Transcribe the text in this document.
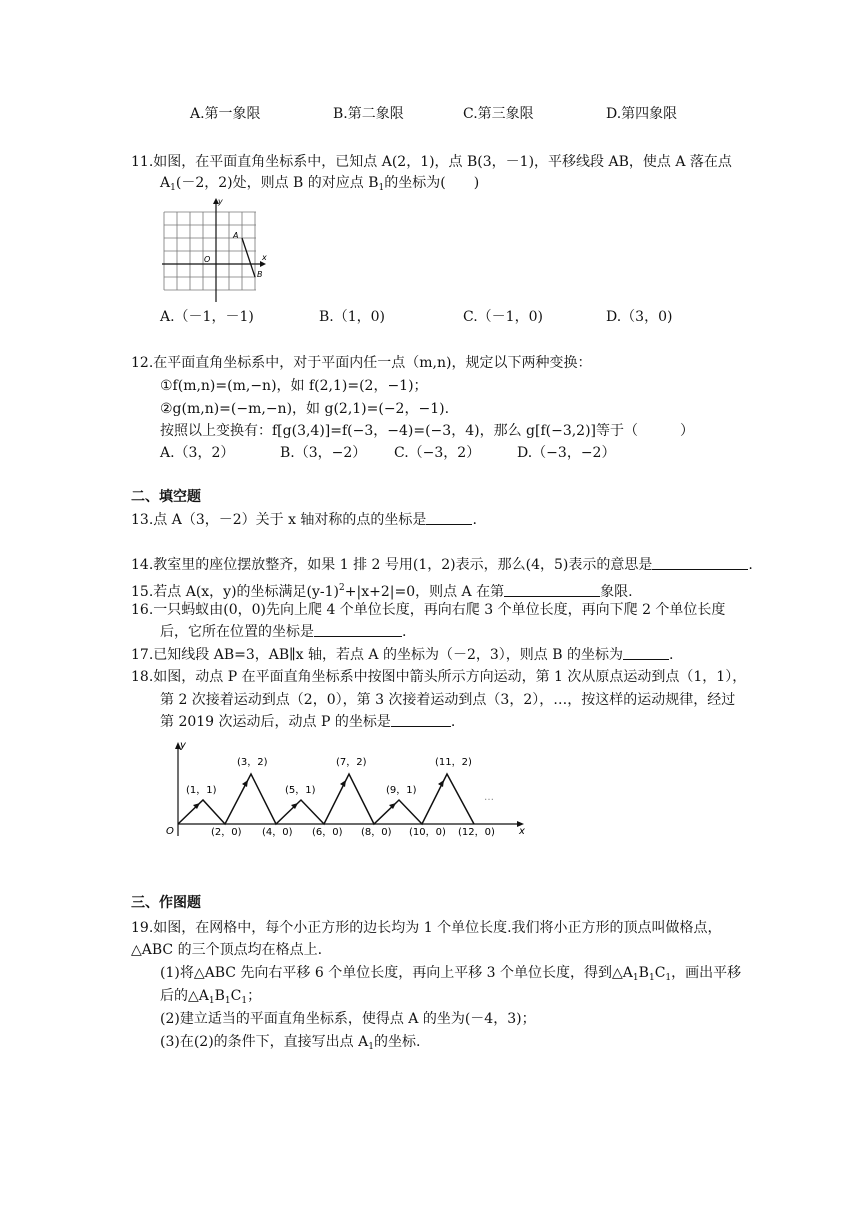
A.第一象限	B.第二象限	C.第三象限	D.第四象限
11.如图，在平面直角坐标系中，已知点 A(2，1)，点 B(3，－1)，平移线段 AB，使点 A 落在点
$A_1(-2$，2)处，则点 B 的对应点 $B_1$的坐标为(　　)
y
x
O
A
B
A.（－1，－1)	B.（1，0)	C.（－1，0)	D.（3，0)
12.在平面直角坐标系中，对于平面内任一点（m,n)，规定以下两种变换：
①f(m,n)=(m,−n)，如 f(2,1)=(2，−1)；
②g(m,n)=(−m,−n)，如 g(2,1)=(−2，−1).
按照以上变换有：f[g(3,4)]=f(−3，−4)=(−3，4)，那么 g[f(−3,2)]等于（　　　）
A.（3，2）	B.（3，−2） C.（−3，2）	D.（−3，−2）
二、填空题
13.点 A（3，－2）关于 x 轴对称的点的坐标是	.
14.教室里的座位摆放整齐，如果 1 排 2 号用(1，2)表示，那么(4，5)表示的意思是	.
15.若点 A(x，y)的坐标满足$(y-1)^2+|x+2|=0$，则点 A 在第	象限.
16.一只蚂蚁由(0，0)先向上爬 4 个单位长度，再向右爬 3 个单位长度，再向下爬 2 个单位长度
后，它所在位置的坐标是	.
17.已知线段 AB=3，AB∥x 轴，若点 A 的坐标为（－2，3），则点 B 的坐标为	.
18.如图，动点 P 在平面直角坐标系中按图中箭头所示方向运动，第 1 次从原点运动到点（1，1），
第 2 次接着运动到点（2，0），第 3 次接着运动到点（3，2），…，按这样的运动规律，经过
第 2019 次运动后，动点 P 的坐标是	.
y
x
O
…
(1，1)
(3，2)
(5，1)
(7，2)
(9，1)
(11，2)
(2，0) (4，0) (6，0) (8，0) (10，0) (12，0)
三、作图题
19.如图，在网格中，每个小正方形的边长均为 1 个单位长度.我们将小正方形的顶点叫做格点，
△ABC 的三个顶点均在格点上.
(1)将△ABC 先向右平移 6 个单位长度，再向上平移 3 个单位长度，得到$\triangle A_1B_1C_1$，画出平移
后的$\triangle A_1B_1C_1$；
(2)建立适当的平面直角坐标系，使得点 A 的坐为(－4，3)；
(3)在(2)的条件下，直接写出点 $A_1$的坐标.
